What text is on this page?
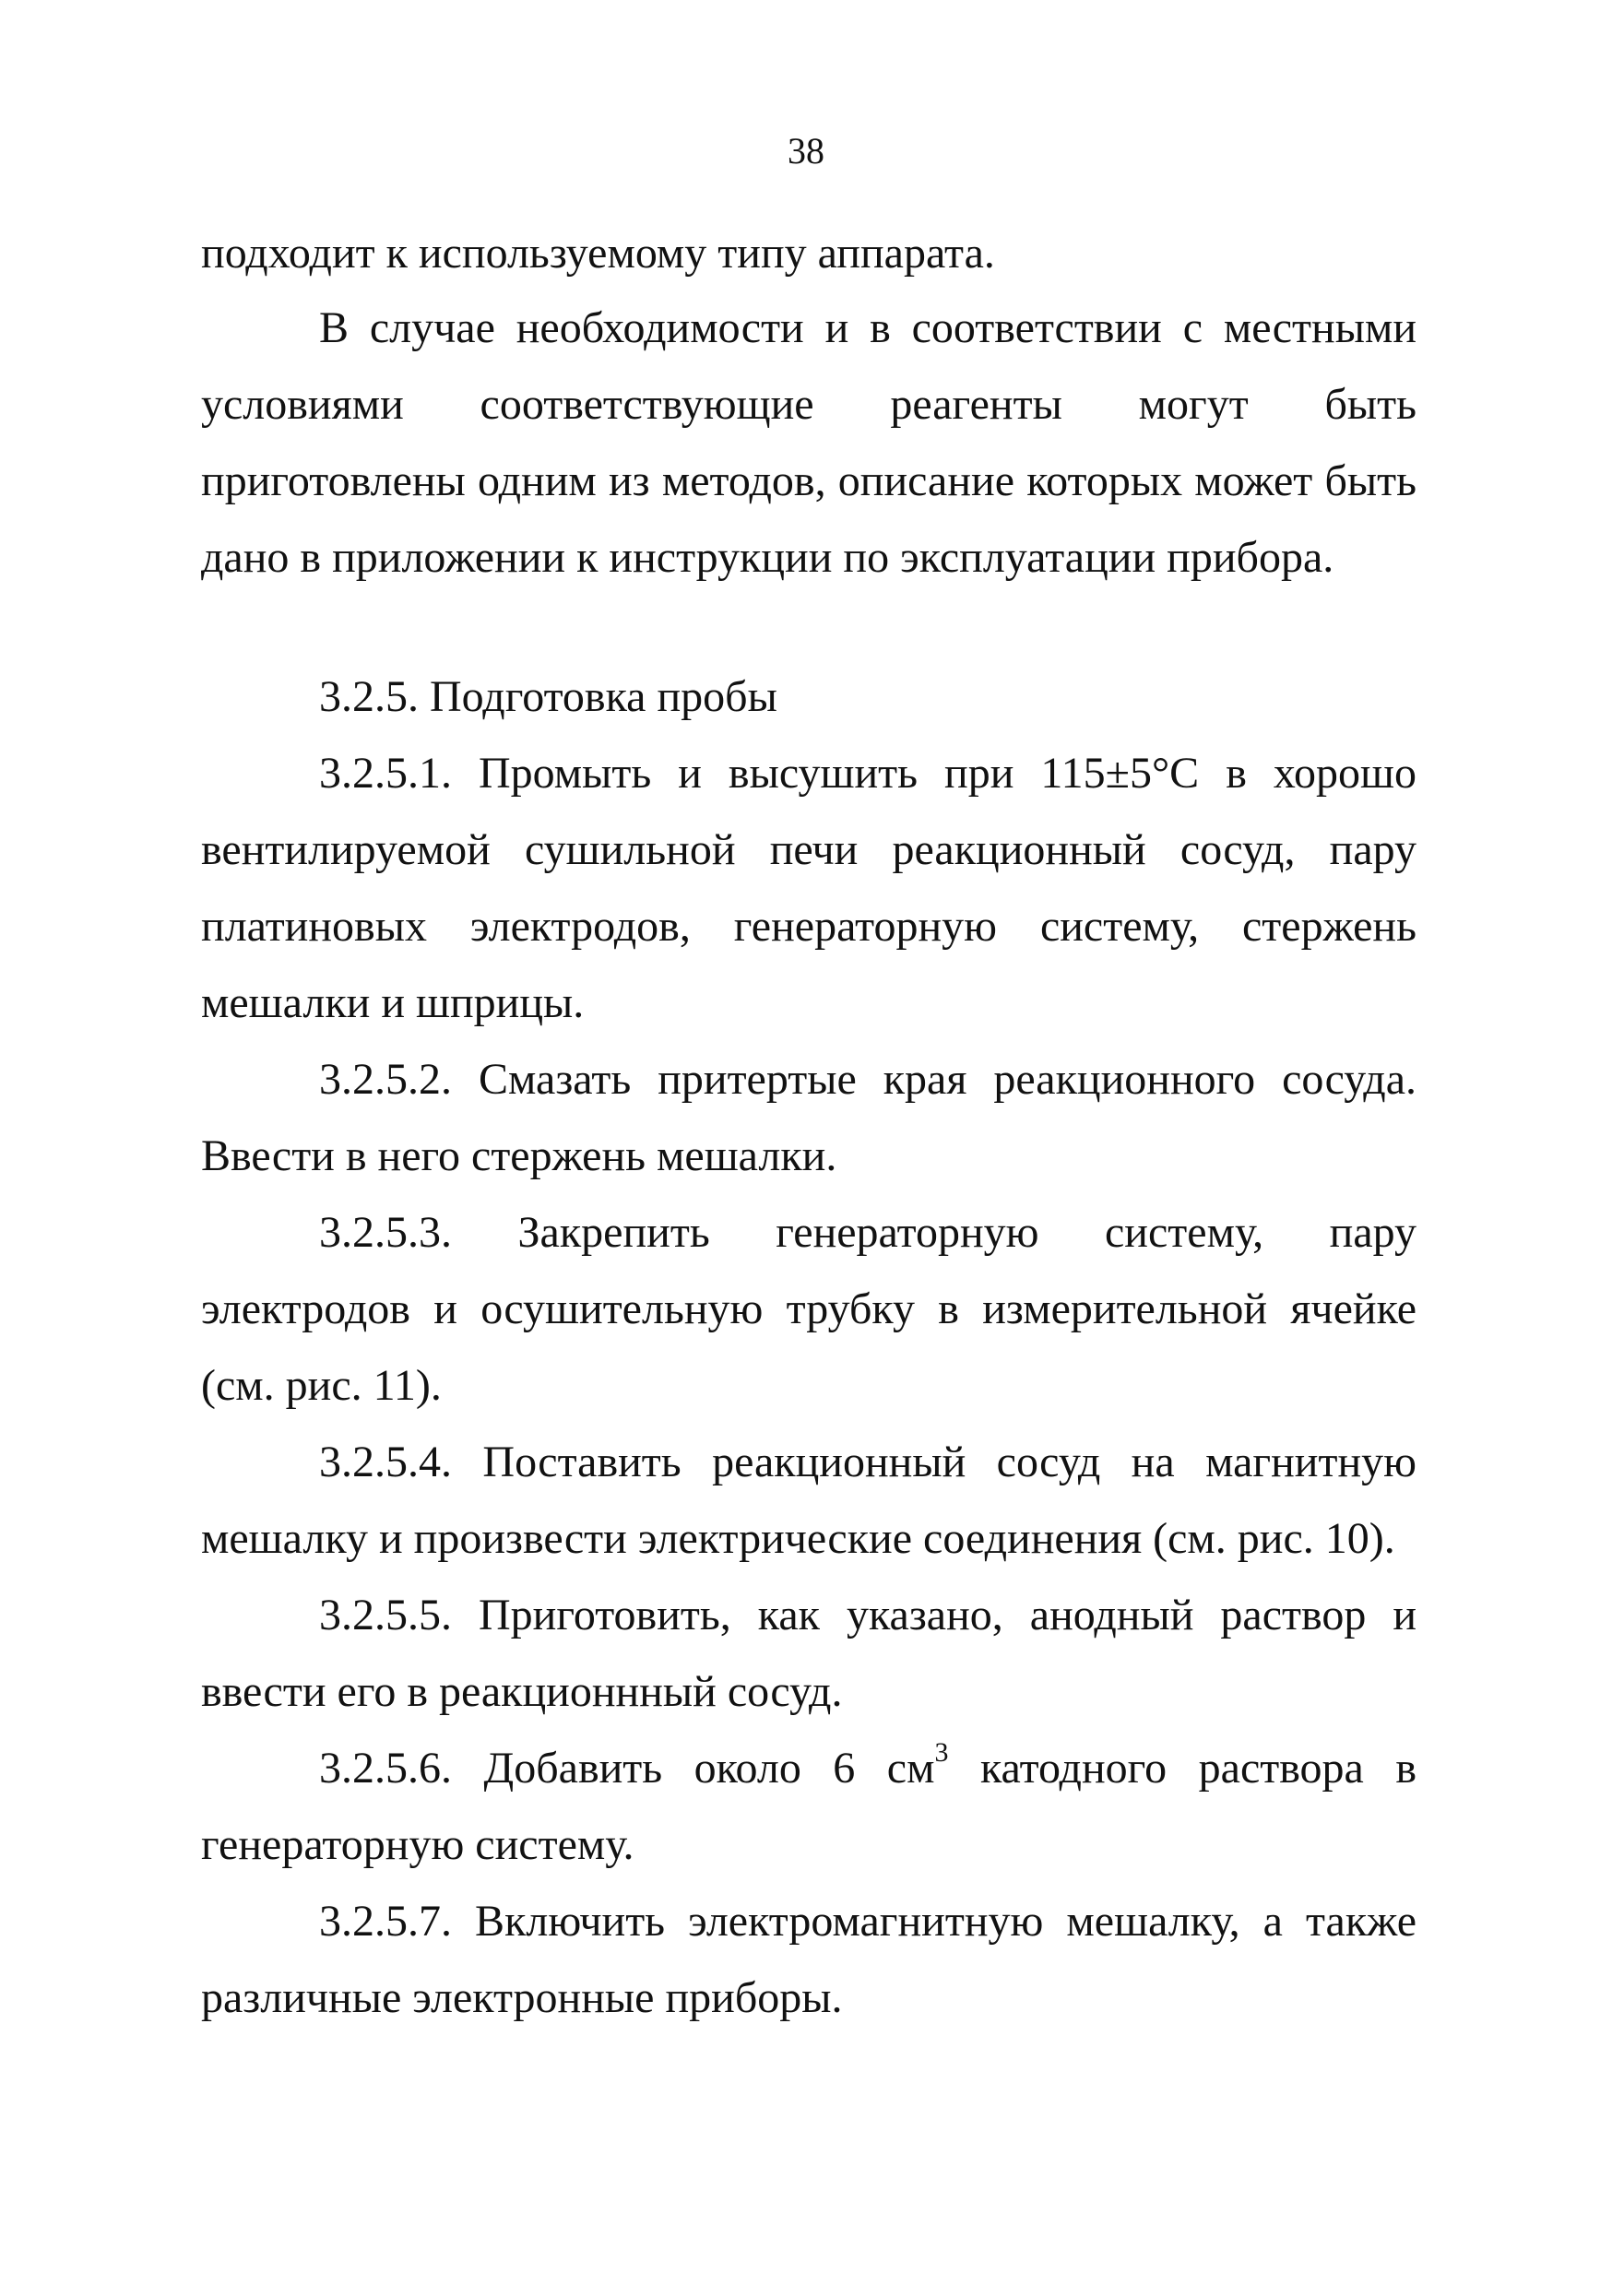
38

подходит к используемому типу аппарата.

В случае необходимости и в соответствии с местными условиями соответствующие реагенты могут быть приготовлены одним из методов, описание которых может быть дано в приложении к инструкции по эксплуатации прибора.

3.2.5. Подготовка пробы

3.2.5.1. Промыть и высушить при 115±5°С в хорошо вентилируемой сушильной печи реакционный сосуд, пару платиновых электродов, генераторную систему, стержень мешалки и шприцы.

3.2.5.2. Смазать притертые края реакционного сосуда. Ввести в него стержень мешалки.

3.2.5.3. Закрепить генераторную систему, пару электродов и осушительную трубку в измерительной ячейке (см. рис. 11).

3.2.5.4. Поставить реакционный сосуд на магнитную мешалку и произвести электрические соединения (см. рис. 10).

3.2.5.5. Приготовить, как указано, анодный раствор и ввести его в реакционнный сосуд.

3.2.5.6. Добавить около 6 $см^3$ катодного раствора в генераторную систему.

3.2.5.7. Включить электромагнитную мешалку, а также различные электронные приборы.
